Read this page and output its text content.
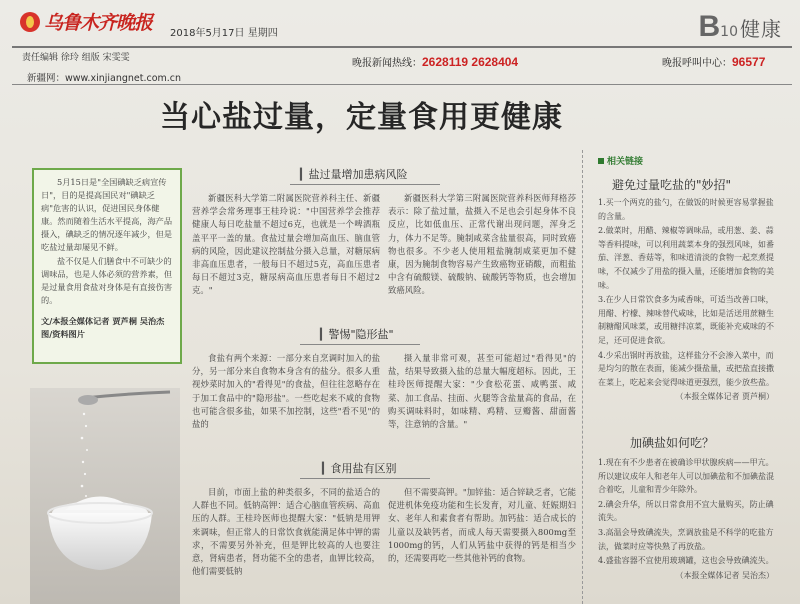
乌鲁木齐晚报 2018年5月17日 星期四	B 10 健康
责任编辑 徐玲 组版 宋雯雯
新疆网：www.xinjiangnet.com.cn
晚报新闻热线：2628119 2628404	晚报呼叫中心：96577
当心盐过量，定量食用更健康

5月15日是"全国碘缺乏病宣传日"，目的是提高国民对"碘缺乏病"危害的认识，促进国民身体健康。然而随着生活水平提高，海产品摄入，碘缺乏的情况逐年减少，但是吃盐过量却屡见不鲜。

盐不仅是人们膳食中不可缺少的调味品，也是人体必须的营养素，但是过量食用食盐对身体是有直接伤害的。

文/本报全媒体记者 贾芦桐 吴治杰 图/资料图片

▎盐过量增加患病风险
新疆医科大学第二附属医院营养科主任、新疆营养学会常务理事王桂玲说："中国营养学会推荐健康人每日吃盐量不超过6克，也就是一个啤酒瓶盖平平一盖的量。食盐过量会增加高血压、脑血管病的风险，因此建议控制盐分摄入总量，对糖尿病非高血压患者，一般每日不超过5克，高血压患者每日不超过3克，糖尿病高血压患者每日不超过2克。"
新疆医科大学第三附属医院营养科医师拜格莎表示：除了盐过量，盐摄入不足也会引起身体不良反应，比如低血压、正常代谢出现问题，浑身乏力，体力不足等。腌制咸菜含盐量很高，同时致癌物也很多。不少老人使用粗盐腌制咸菜更加不健康，因为腌制食物容易产生致癌物亚硝酸，而粗盐中含有硫酸镁、硫酸钠、硫酸钙等物质，也会增加致癌风险。
▎警惕"隐形盐"
食盐有两个来源：一部分来自烹调时加入的盐分，另一部分来自食物本身含有的盐分。很多人重视炒菜时加入的"看得见"的食盐，但往往忽略存在于加工食品中的"隐形盐"。一些吃起来不咸的食物也可能含很多盐，如果不加控制，这些"看不见"的盐的
摄入量非常可观，甚至可能超过"看得见"的盐，结果导致摄入盐的总量大幅度超标。因此，王桂玲医师提醒大家："少食松花蛋、咸鸭蛋、咸菜、加工食品、挂面、火腿等含盐量高的食品，在购买调味料时，如味精、鸡精、豆瓣酱、甜面酱等，注意钠的含量。"
▎食用盐有区别
目前，市面上盐的种类很多，不同的盐适合的人群也不同。低钠高钾：适合心脑血管疾病、高血压的人群。王桂玲医师也提醒大家："低钠是用钾来调味，但正常人的日常饮食就能满足体中钾的需求，不需要另外补充，但是钾比较高的人也要注意，肾病患者，肾功能不全的患者，血钾比较高，他们需要低钠
但不需要高钾。"加锌盐：适合锌缺乏者，它能促进机体免疫功能和生长发育，对儿童、妊娠期妇女、老年人和素食者有帮助。加钙盐：适合成长的儿童以及缺钙者，而成人每天需要摄入800mg至1000mg的钙，人们从钙盐中获得的钙是相当少的，还需要再吃一些其他补钙的食物。
相关链接
避免过量吃盐的"妙招"

1.买一个两克的盐勺，在做饭的时候更容易掌握盐的含量。

2.做菜时，用醋、辣椒等调味品，或用葱、姜、蒜等香料提味，可以利用蔬菜本身的强烈风味，如番茄、洋葱、香菇等，和味道清淡的食物一起烹煮提味，不仅减少了用盐的摄入量，还能增加食物的美味。

3.在少人日常饮食多为咸香味，可适当改善口味，用醋、柠檬、辣味替代咸味，比如是活送用蔗糖生制糖醋风味菜，或用糖拌凉菜，既能补充咸味的不足，还可促进食欲。

4.少采出锅时再放盐，这样盐分不会渗入菜中，而是均匀的散在表面，能减少摄盐量，或把盐直接撒在菜上，吃起来会觉得味道更强烈，能少放些盐。

（本报全媒体记者 贾芦桐）

加碘盐如何吃？

1.现在有不少患者在被确诊甲状腺疾病——甲亢。所以建议成年人和老年人可以加碘盐和不加碘盐混合着吃，儿童和青少年除外。

2.碘会升华，所以日常食用不宜大量购买，防止碘流失。

3.高温会导致碘流失，烹调放盐是不科学的吃盐方法，做菜时应等快熟了再放盐。

4.盛盐容器不宜使用玻璃罐，这也会导致碘流失。

（本报全媒体记者 吴治杰）
